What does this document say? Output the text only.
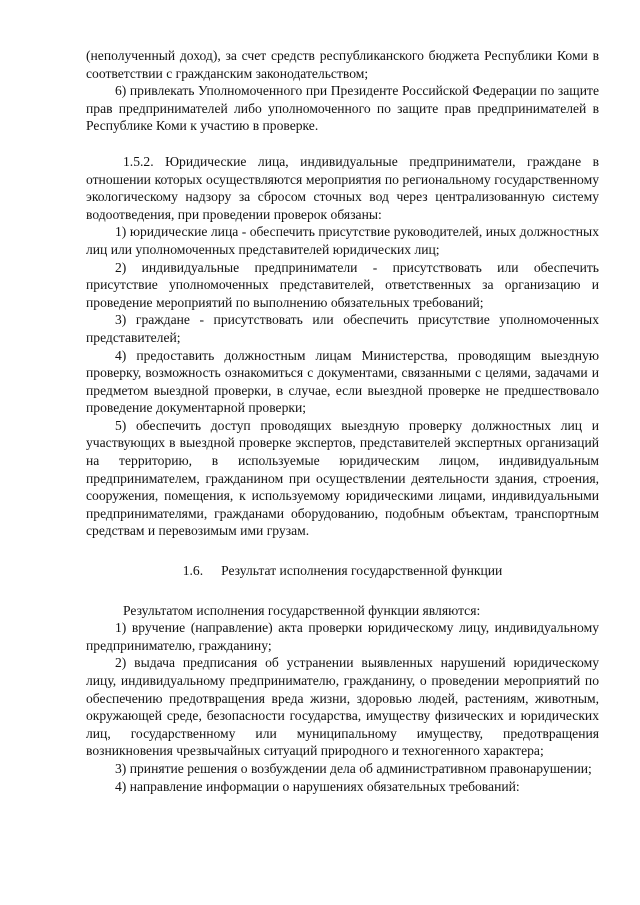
(неполученный доход), за счет средств республиканского бюджета Республики Коми в соответствии с гражданским законодательством;

6) привлекать Уполномоченного при Президенте Российской Федерации по защите прав предпринимателей либо уполномоченного по защите прав предпринимателей в Республике Коми к участию в проверке.

1.5.2. Юридические лица, индивидуальные предприниматели, граждане в отношении которых осуществляются мероприятия по региональному государственному экологическому надзору за сбросом сточных вод через централизованную систему водоотведения, при проведении проверок обязаны:

1) юридические лица - обеспечить присутствие руководителей, иных должностных лиц или уполномоченных представителей юридических лиц;

2) индивидуальные предприниматели - присутствовать или обеспечить присутствие уполномоченных представителей, ответственных за организацию и проведение мероприятий по выполнению обязательных требований;

3) граждане - присутствовать или обеспечить присутствие уполномоченных представителей;

4) предоставить должностным лицам Министерства, проводящим выездную проверку, возможность ознакомиться с документами, связанными с целями, задачами и предметом выездной проверки, в случае, если выездной проверке не предшествовало проведение документарной проверки;

5) обеспечить доступ проводящих выездную проверку должностных лиц и участвующих в выездной проверке экспертов, представителей экспертных организаций на территорию, в используемые юридическим лицом, индивидуальным предпринимателем, гражданином при осуществлении деятельности здания, строения, сооружения, помещения, к используемому юридическими лицами, индивидуальными предпринимателями, гражданами оборудованию, подобным объектам, транспортным средствам и перевозимым ими грузам.

1.6. Результат исполнения государственной функции

Результатом исполнения государственной функции являются:

1) вручение (направление) акта проверки юридическому лицу, индивидуальному предпринимателю, гражданину;

2) выдача предписания об устранении выявленных нарушений юридическому лицу, индивидуальному предпринимателю, гражданину, о проведении мероприятий по обеспечению предотвращения вреда жизни, здоровью людей, растениям, животным, окружающей среде, безопасности государства, имуществу физических и юридических лиц, государственному или муниципальному имуществу, предотвращения возникновения чрезвычайных ситуаций природного и техногенного характера;

3) принятие решения о возбуждении дела об административном правонарушении;

4) направление информации о нарушениях обязательных требований:
